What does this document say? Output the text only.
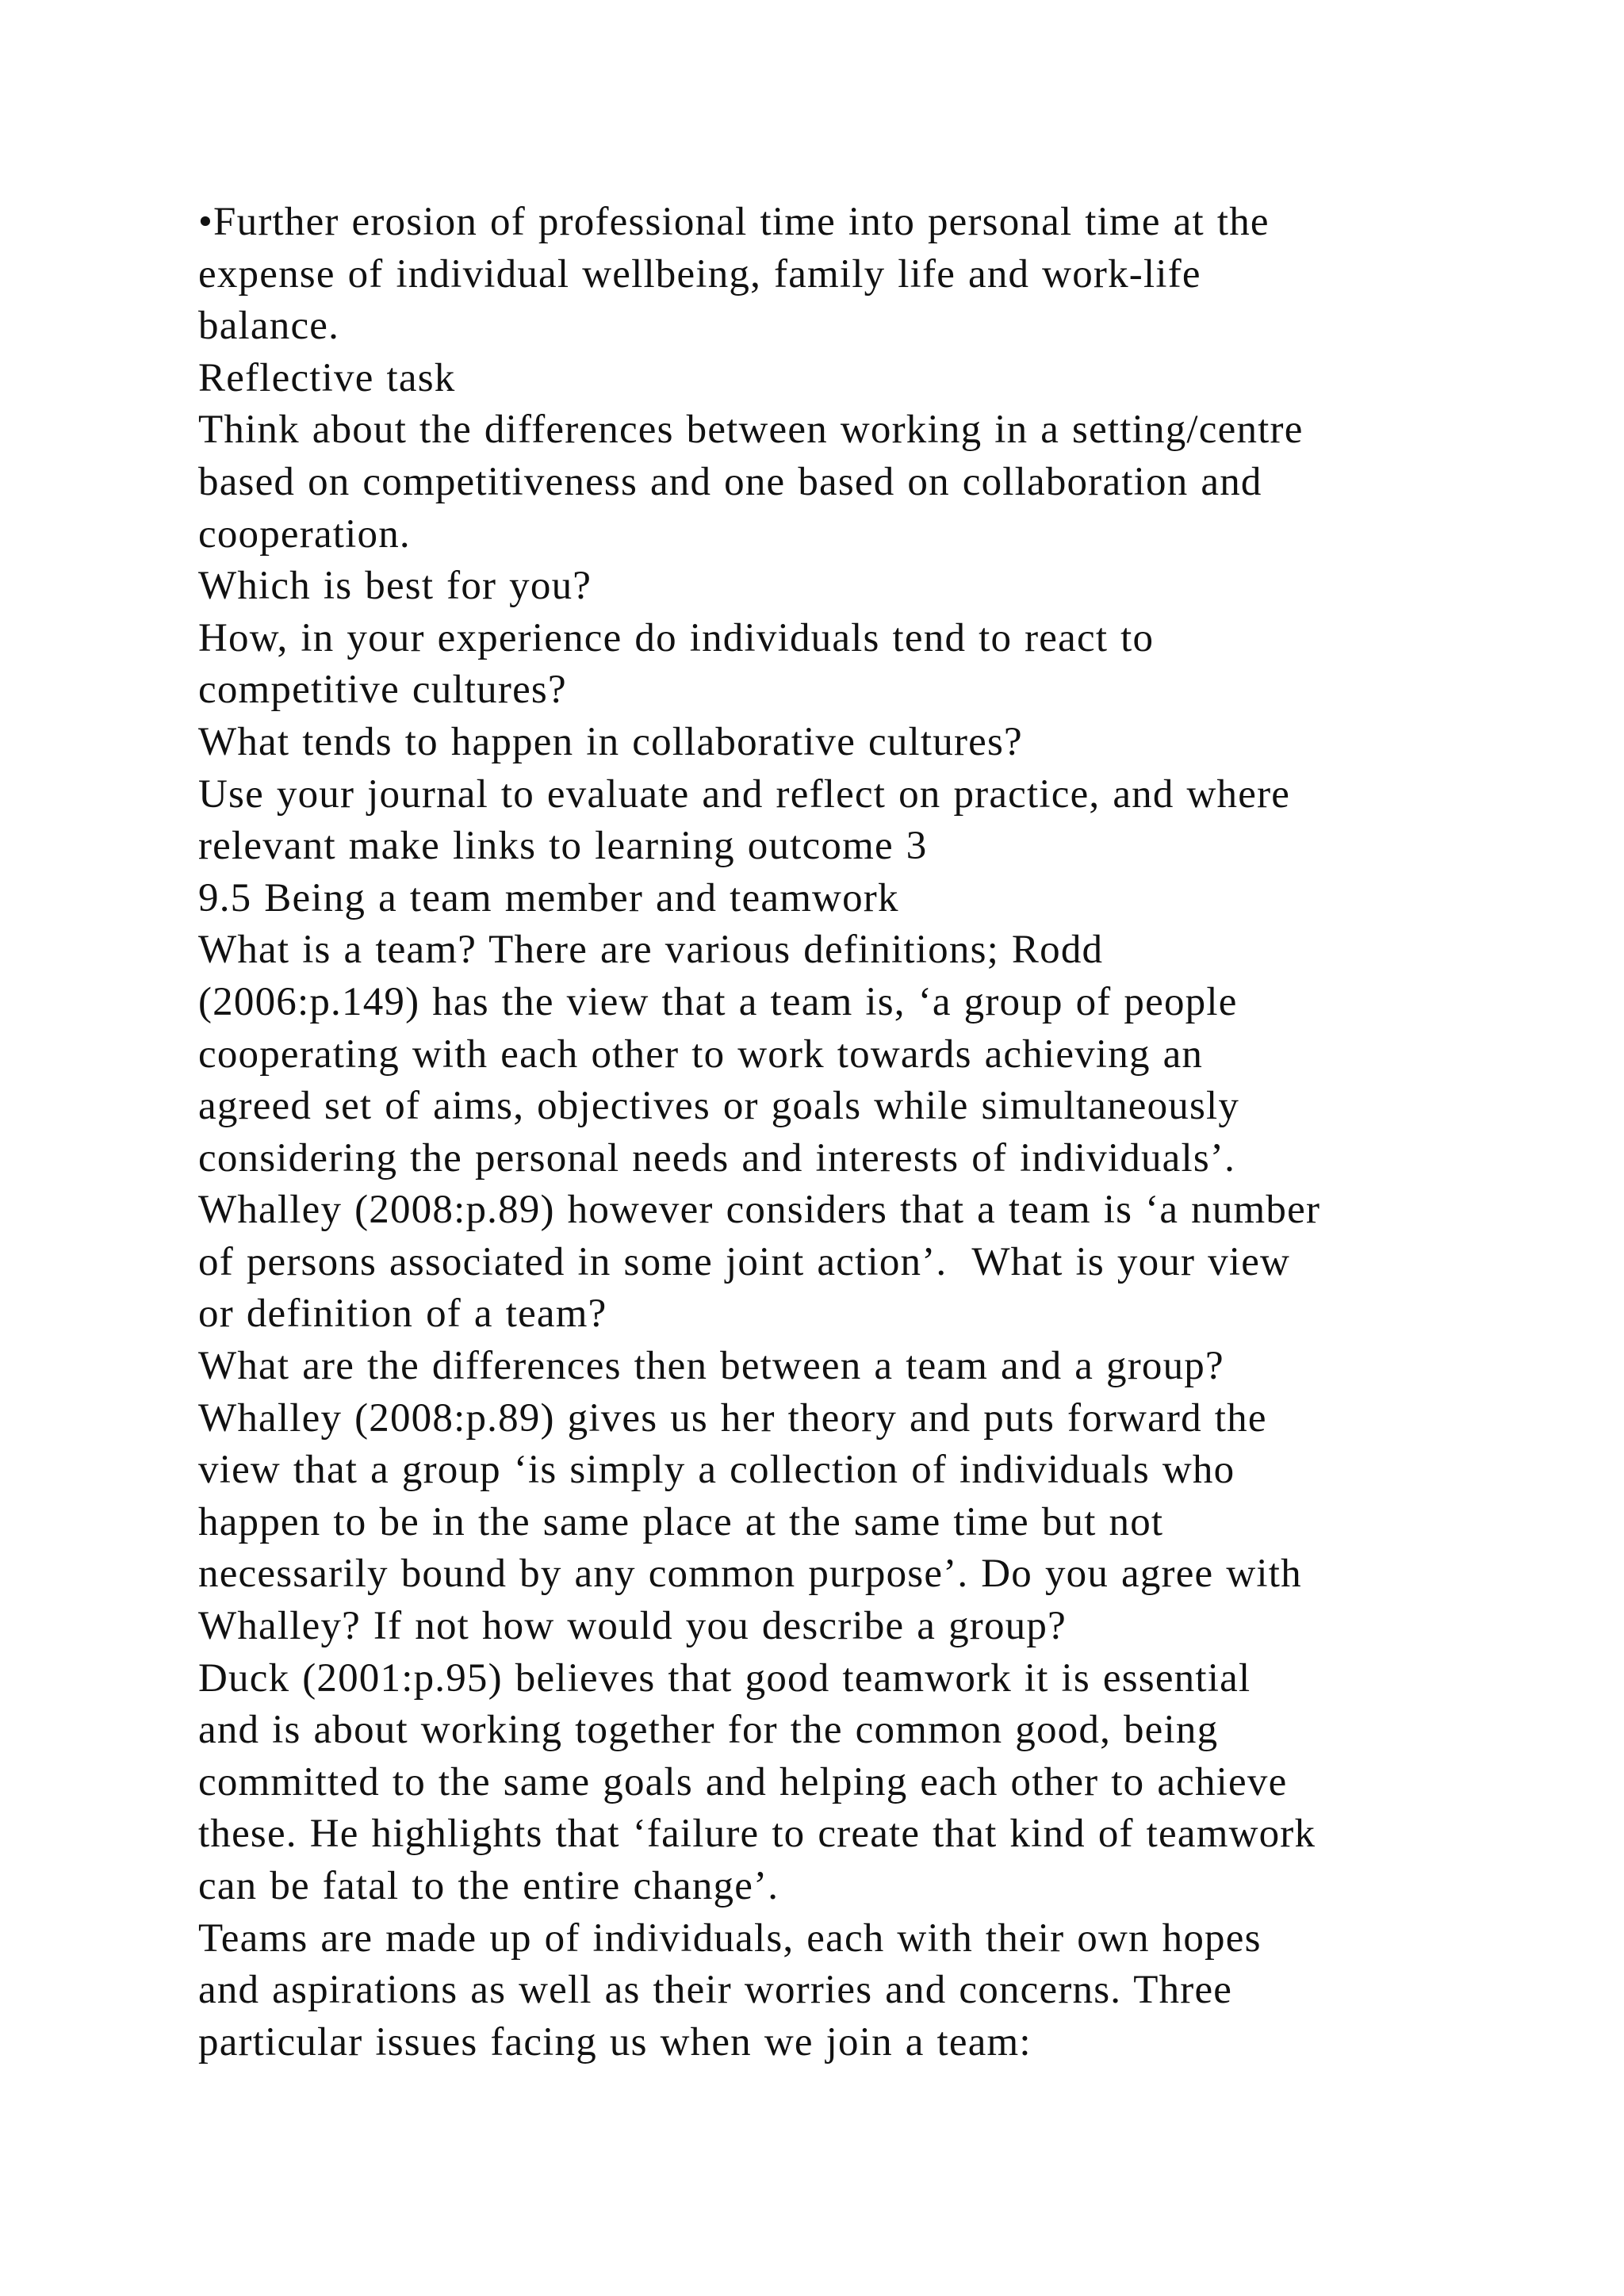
•Further erosion of professional time into personal time at the
expense of individual wellbeing, family life and work-life
balance.
Reflective task
Think about the differences between working in a setting/centre
based on competitiveness and one based on collaboration and
cooperation.
Which is best for you?
How, in your experience do individuals tend to react to
competitive cultures?
What tends to happen in collaborative cultures?
Use your journal to evaluate and reflect on practice, and where
relevant make links to learning outcome 3
9.5 Being a team member and teamwork
What is a team? There are various definitions; Rodd
(2006:p.149) has the view that a team is, ‘a group of people
cooperating with each other to work towards achieving an
agreed set of aims, objectives or goals while simultaneously
considering the personal needs and interests of individuals’.
Whalley (2008:p.89) however considers that a team is ‘a number
of persons associated in some joint action’.  What is your view
or definition of a team?
What are the differences then between a team and a group?
Whalley (2008:p.89) gives us her theory and puts forward the
view that a group ‘is simply a collection of individuals who
happen to be in the same place at the same time but not
necessarily bound by any common purpose’. Do you agree with
Whalley? If not how would you describe a group?
Duck (2001:p.95) believes that good teamwork it is essential
and is about working together for the common good, being
committed to the same goals and helping each other to achieve
these. He highlights that ‘failure to create that kind of teamwork
can be fatal to the entire change’.
Teams are made up of individuals, each with their own hopes
and aspirations as well as their worries and concerns. Three
particular issues facing us when we join a team:
